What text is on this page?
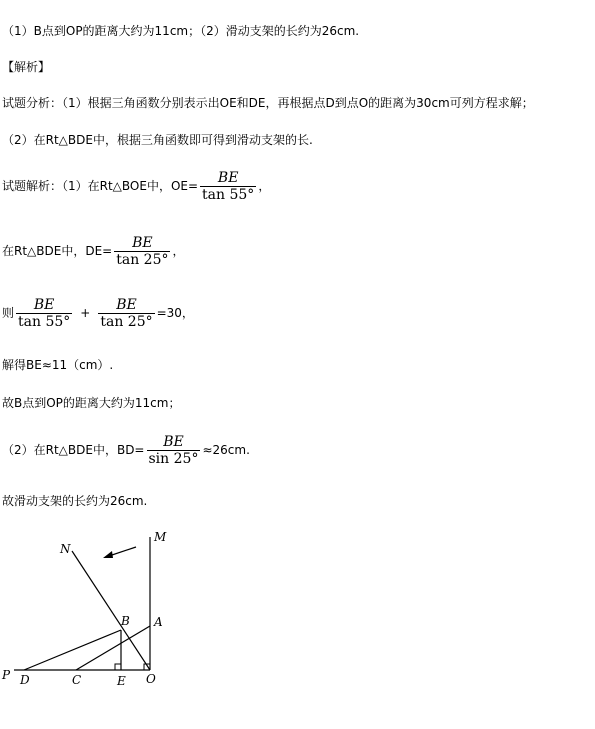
（1）B点到OP的距离大约为11cm；（2）滑动支架的长约为26cm.
【解析】
试题分析：（1）根据三角函数分别表示出OE和DE，再根据点D到点O的距离为30cm可列方程求解；
（2）在Rt△BDE中，根据三角函数即可得到滑动支架的长.
试题解析：（1）在Rt△BOE中，$OE= \frac{BE}{\tan 55^\circ}$ ，
在Rt△BDE中，$DE= \frac{BE}{\tan 25^\circ}$ ，
则 $\frac{BE}{\tan 55^\circ} + \frac{BE}{\tan 25^\circ} =30$，
解得BE≈11（cm）.
故B点到OP的距离大约为11cm；
（2）在Rt△BDE中，$BD= \frac{BE}{\sin 25^\circ} \approx 26cm$.
故滑动支架的长约为26cm.
N
M
B A
P D	C	E O
